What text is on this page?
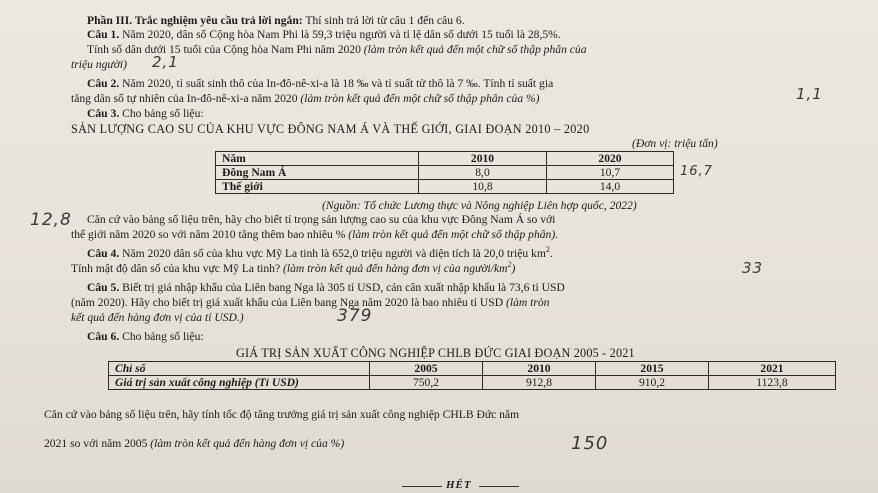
Phần III. Trắc nghiệm yêu cầu trả lời ngắn: Thí sinh trả lời từ câu 1 đến câu 6.
Câu 1. Năm 2020, dân số Cộng hòa Nam Phi là 59,3 triệu người và tỉ lệ dân số dưới 15 tuổi là 28,5%.
Tính số dân dưới 15 tuổi của Cộng hòa Nam Phi năm 2020 (làm tròn kết quả đến một chữ số thập phân của
triệu người) 2,1
Câu 2. Năm 2020, tỉ suất sinh thô của In-đô-nê-xi-a là 18 ‰ và tỉ suất tử thô là 7 ‰. Tính tỉ suất gia
tăng dân số tự nhiên của In-đô-nê-xi-a năm 2020 (làm tròn kết quả đến một chữ số thập phân của %)	1,1
Câu 3. Cho bảng số liệu:
SẢN LƯỢNG CAO SU CỦA KHU VỰC ĐÔNG NAM Á VÀ THẾ GIỚI, GIAI ĐOẠN 2010 – 2020
(Đơn vị: triệu tấn)
Năm	2010	2020
Đông Nam Á	8,0	10,7
Thế giới	10,8	14,0
16,7
(Nguồn: Tổ chức Lương thực và Nông nghiệp Liên hợp quốc, 2022)
12,8 Căn cứ vào bảng số liệu trên, hãy cho biết tỉ trọng sản lượng cao su của khu vực Đông Nam Á so với
thế giới năm 2020 so với năm 2010 tăng thêm bao nhiêu % (làm tròn kết quả đến một chữ số thập phân).
Câu 4. Năm 2020 dân số của khu vực Mỹ La tinh là 652,0 triệu người và diện tích là 20,0 triệu $km^2$.
Tính mật độ dân số của khu vực Mỹ La tinh? (làm tròn kết quả đến hàng đơn vị của người/$km^2$)	33
Câu 5. Biết trị giá nhập khẩu của Liên bang Nga là 305 tỉ USD, cán cân xuất nhập khẩu là 73,6 tỉ USD
(năm 2020). Hãy cho biết trị giá xuất khẩu của Liên bang Nga năm 2020 là bao nhiêu tỉ USD (làm tròn
kết quả đến hàng đơn vị của tỉ USD.)	379
Câu 6. Cho bảng số liệu:
GIÁ TRỊ SẢN XUẤT CÔNG NGHIỆP CHLB ĐỨC GIAI ĐOẠN 2005 - 2021
Chỉ số	2005	2010	2015	2021
Giá trị sản xuất công nghiệp (Tỉ USD)	750,2	912,8	910,2	1123,8
Căn cứ vào bảng số liệu trên, hãy tính tốc độ tăng trưởng giá trị sản xuất công nghiệp CHLB Đức năm
2021 so với năm 2005 (làm tròn kết quả đến hàng đơn vị của %)	150
HẾT
